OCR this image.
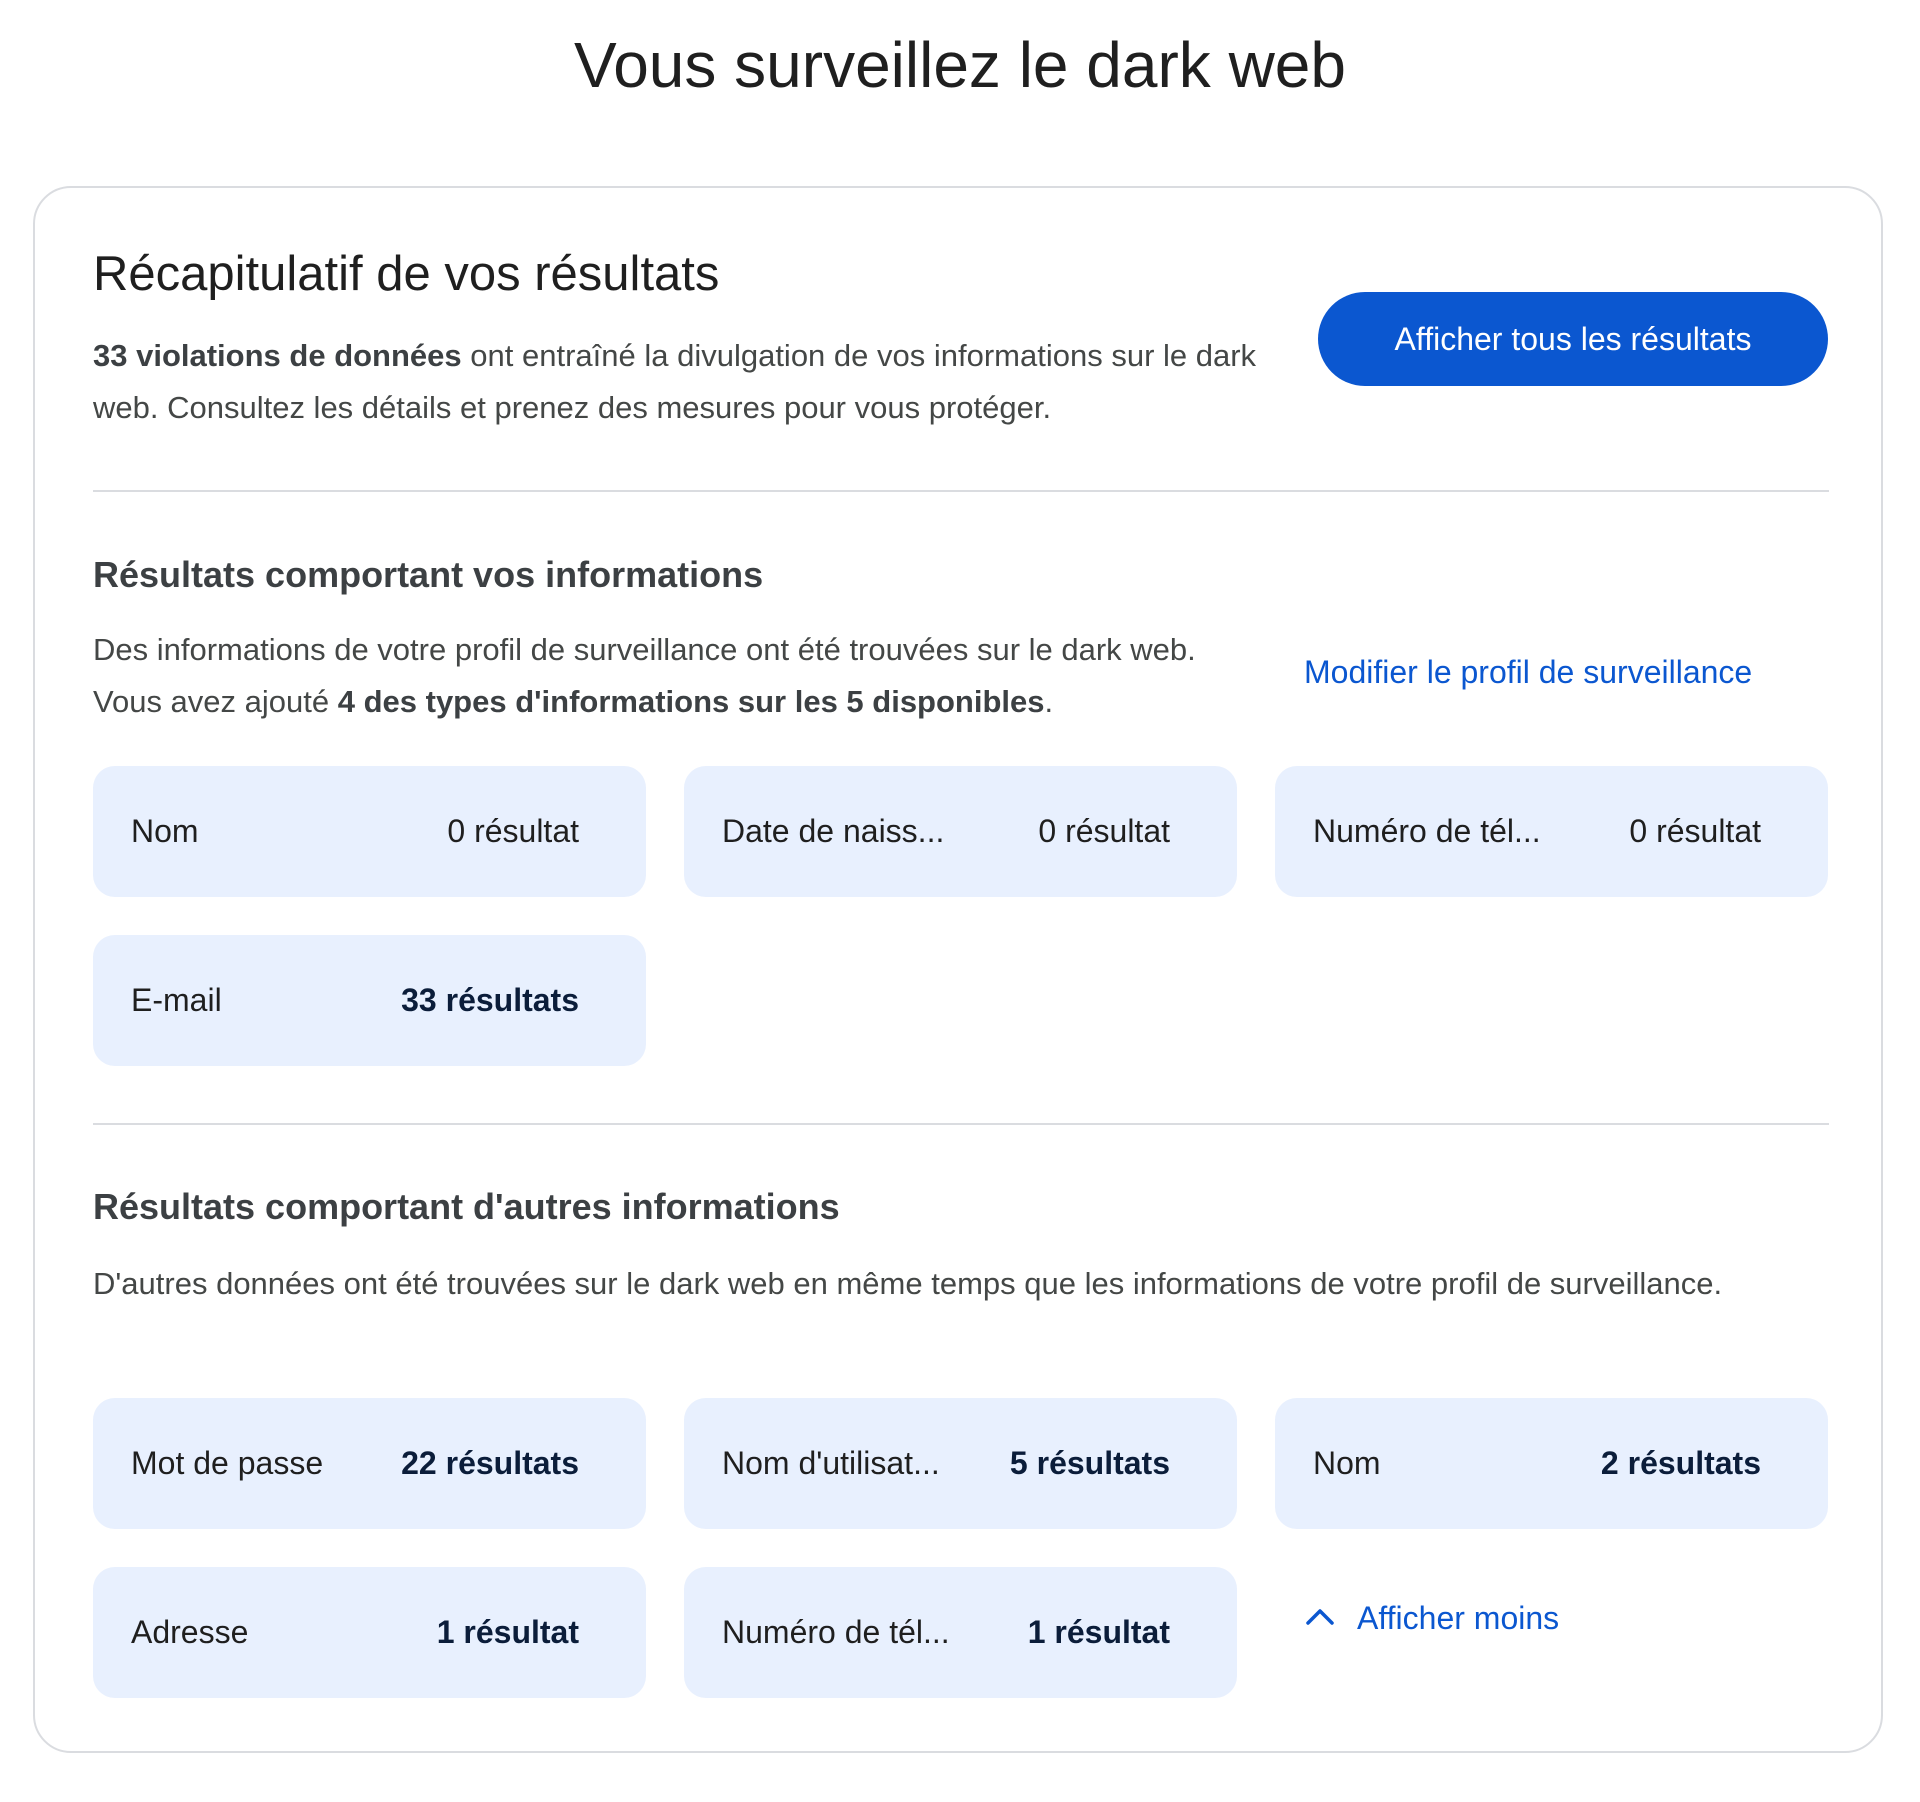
Vous surveillez le dark web
Récapitulatif de vos résultats

33 violations de données ont entraîné la divulgation de vos informations sur le dark web. Consultez les détails et prenez des mesures pour vous protéger.

Afficher tous les résultats
Résultats comportant vos informations

Des informations de votre profil de surveillance ont été trouvées sur le dark web. Vous avez ajouté 4 des types d'informations sur les 5 disponibles.

Modifier le profil de surveillance
Nom	0 résultat	Date de naiss...	0 résultat	Numéro de tél...	0 résultat
E-mail	33 résultats
Résultats comportant d'autres informations

D'autres données ont été trouvées sur le dark web en même temps que les informations de votre profil de surveillance.

Mot de passe 22 résultats	Nom d'utilisat... 5 résultats	Nom	2 résultats
Adresse	1 résultat	Numéro de tél... 1 résultat	Afficher moins
